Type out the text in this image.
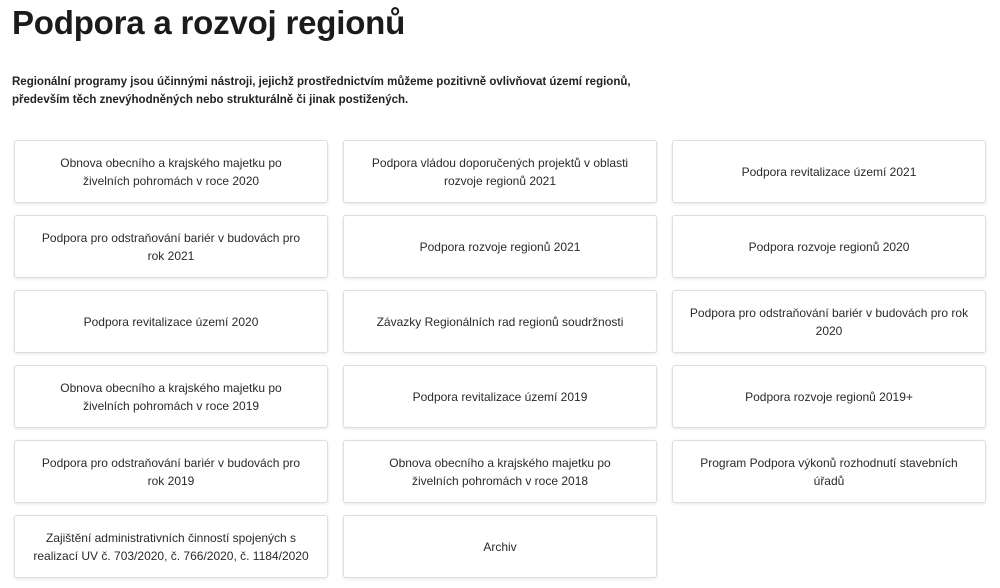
Podpora a rozvoj regionů

Regionální programy jsou účinnými nástroji, jejichž prostřednictvím můžeme pozitivně ovlivňovat území regionů,
především těch znevýhodněných nebo strukturálně či jinak postižených.

Obnova obecního a krajského majetku po živelních pohromách v roce 2020
Podpora vládou doporučených projektů v oblasti rozvoje regionů 2021
Podpora revitalizace území 2021
Podpora pro odstraňování bariér v budovách pro rok 2021
Podpora rozvoje regionů 2021	Podpora rozvoje regionů 2020
Podpora revitalizace území 2020	Závazky Regionálních rad regionů soudržnosti
Podpora pro odstraňování bariér v budovách pro rok 2020
Obnova obecního a krajského majetku po živelních pohromách v roce 2019
Podpora revitalizace území 2019	Podpora rozvoje regionů 2019+
Podpora pro odstraňování bariér v budovách pro rok 2019
Obnova obecního a krajského majetku po živelních pohromách v roce 2018
Program Podpora výkonů rozhodnutí stavebních úřadů
Zajištění administrativních činností spojených s realizací UV č. 703/2020, č. 766/2020, č. 1184/2020
Archiv
